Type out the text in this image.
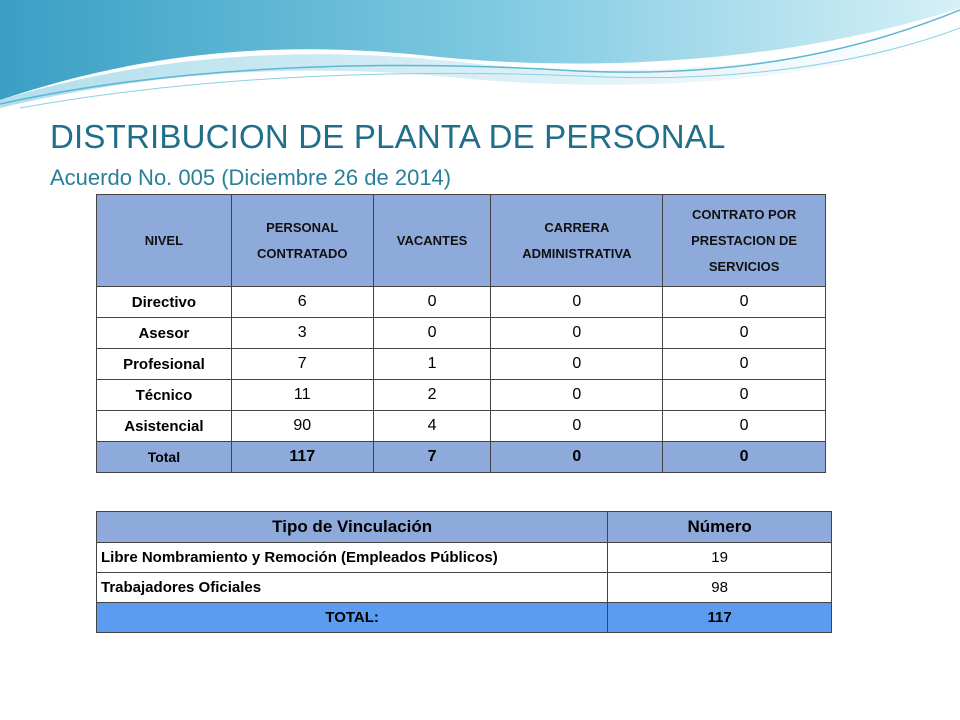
DISTRIBUCION DE PLANTA DE PERSONAL
Acuerdo No. 005 (Diciembre 26 de 2014)
NIVEL	PERSONAL CONTRATADO	VACANTES	CARRERA ADMINISTRATIVA	CONTRATO POR PRESTACION DE SERVICIOS
Directivo	6	0	0	0
Asesor	3	0	0	0
Profesional	7	1	0	0
Técnico	11	2	0	0
Asistencial	90	4	0	0
Total	117	7	0	0
Tipo de Vinculación	Número
Libre Nombramiento y Remoción (Empleados Públicos)	19
Trabajadores Oficiales	98
TOTAL:	117
